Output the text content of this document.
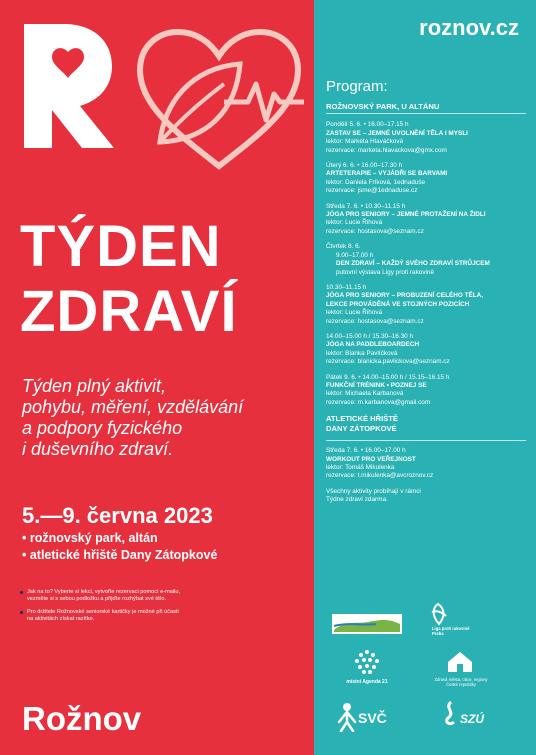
TÝDEN
ZDRAVÍ
Týden plný aktivit,
pohybu, měření, vzdělávání
a podpory fyzického
i duševního zdraví.
5.—9. června 2023
• rožnovský park, altán
• atletické hřiště Dany Zátopkové
Jak na to? Vyberte si lekci, vytvořte rezervaci pomocí e-mailu,
vezměte si s sebou podložku a přijďte rozhýbat své tělo.
Pro držitele Rožnovské seniorské kartičky je možné při účasti
na aktivitách získat razítko.
Rožnov
roznov.cz
Program:
ROŽNOVSKÝ PARK, U ALTÁNU
Pondělí 5. 6. • 16.00–17.15 h
ZASTAV SE – JEMNÉ UVOLNĚNÍ TĚLA I MYSLI
lektor: Markéta Hlaváčková
rezervace: marketa.hlavackova@gmx.com
Úterý 6. 6. • 16.00–17.30 h
ARTETERAPIE – VYJÁDŘI SE BARVAMI
lektor: Daniela Fríková, 1ednaduše
rezervace: jsme@1ednaduse.cz
Středa 7. 6. • 10.30–11.15 h
JÓGA PRO SENIORY – JEMNÉ PROTAŽENÍ NA ŽIDLI
lektor: Lucie Řihová
rezervace: hostasova@seznam.cz
Čtvrtek 8. 6.
9.00–17.00 h
DEN ZDRAVÍ – KAŽDÝ SVÉHO ZDRAVÍ STRŮJCEM
putovní výstava Ligy proti rakovině
10.30–11.15 h
JÓGA PRO SENIORY – PROBUZENÍ CELÉHO TĚLA,
LEKCE PROVÁDĚNÁ VE STOJNÝCH POZICÍCH
lektor: Lucie Řihová
rezervace: hostasova@seznam.cz
14.00–15.00 h / 15.30–16.30 h
JÓGA NA PADDLEBOARDECH
lektor: Blanka Pavlíčková
rezervace: blanicka.pavlickova@seznam.cz
Pátek 9. 6. • 14.00–15.00 h / 15.15–16.15 h
FUNKČNÍ TRÉNINK • POZNEJ SE
lektor: Michaela Karbanová
rezervace: m.karbanova@gmail.com
ATLETICKÉ HŘIŠTĚ
DANY ZÁTOPKOVÉ
Středa 7. 6. • 16.00–17.00 h
WORKOUT PRO VEŘEJNOST
lektor: Tomáš Mikulenka
rezervace: t.mikulenka@avcroznov.cz
Všechny aktivity probíhají v rámci
Týdne zdraví zdarma.
Liga proti rakovině
Praha
místní Agenda 21	Zdravá města, obce, regiony
České republiky
SVČ	SZÚ
